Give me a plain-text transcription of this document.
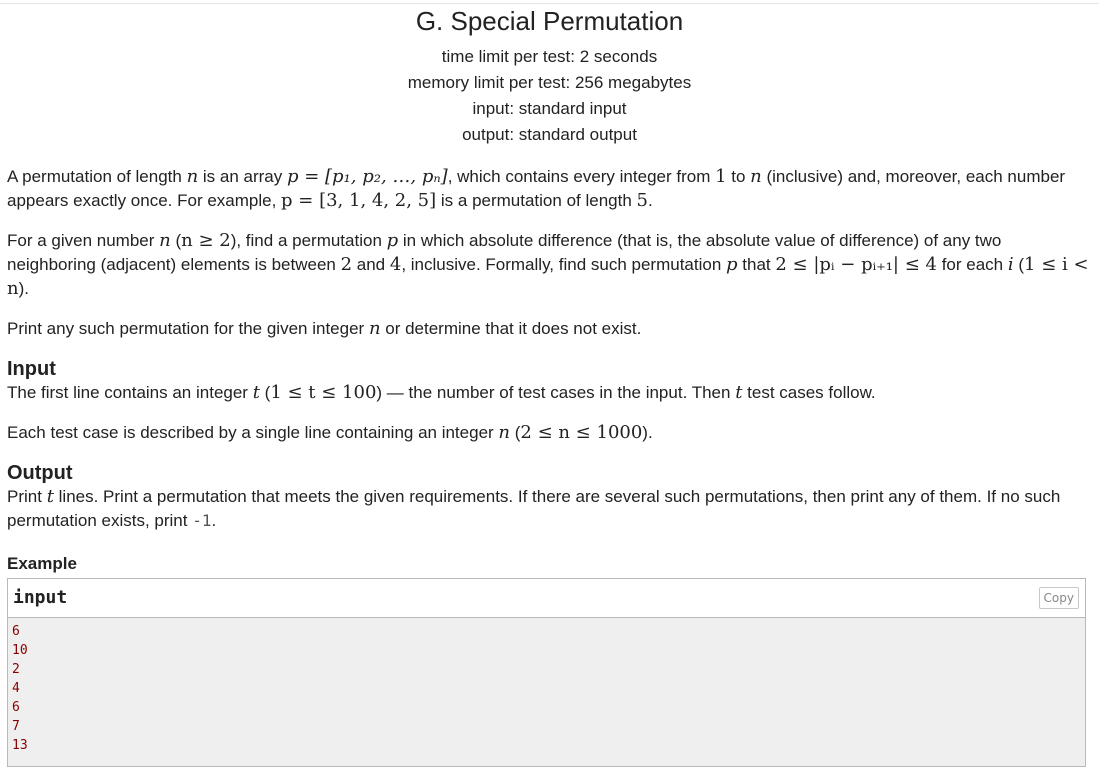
G. Special Permutation
time limit per test: 2 seconds
memory limit per test: 256 megabytes
input: standard input
output: standard output

A permutation of length n is an array p = [p₁, p₂, …, pₙ], which contains every integer from 1 to n (inclusive) and, moreover, each number appears exactly once. For example, p = [3, 1, 4, 2, 5] is a permutation of length 5.

For a given number n (n ≥ 2), find a permutation p in which absolute difference (that is, the absolute value of difference) of any two neighboring (adjacent) elements is between 2 and 4, inclusive. Formally, find such permutation p that 2 ≤ |pᵢ − pᵢ₊₁| ≤ 4 for each i (1 ≤ i < n).

Print any such permutation for the given integer n or determine that it does not exist.

Input

The first line contains an integer t (1 ≤ t ≤ 100) — the number of test cases in the input. Then t test cases follow.

Each test case is described by a single line containing an integer n (2 ≤ n ≤ 1000).

Output

Print t lines. Print a permutation that meets the given requirements. If there are several such permutations, then print any of them. If no such permutation exists, print -1.

Example
input	Copy
6
10
2
4
6
7
13
